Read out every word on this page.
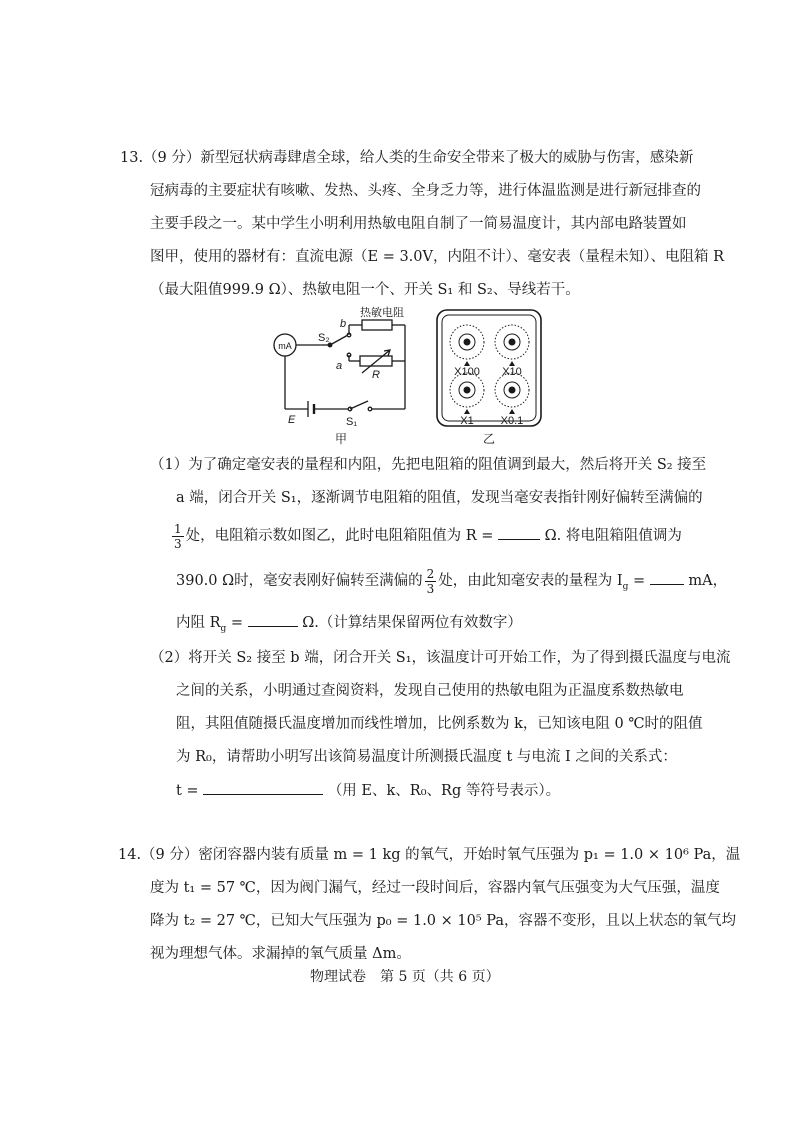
13.（9 分）新型冠状病毒肆虐全球，给人类的生命安全带来了极大的威胁与伤害，感染新
冠病毒的主要症状有咳嗽、发热、头疼、全身乏力等，进行体温监测是进行新冠排查的
主要手段之一。某中学生小明利用热敏电阻自制了一简易温度计，其内部电路装置如
图甲，使用的器材有：直流电源（E = 3.0V，内阻不计）、毫安表（量程未知）、电阻箱 R
（最大阻值999.9 Ω）、热敏电阻一个、开关 S₁ 和 S₂、导线若干。
mA
S₂
b
a
热敏电阻
R
E	S₁
甲
X100 X10
X1 X0.1
乙
（1）为了确定毫安表的量程和内阻，先把电阻箱的阻值调到最大，然后将开关 S₂ 接至
a 端，闭合开关 S₁，逐渐调节电阻箱的阻值，发现当毫安表指针刚好偏转至满偏的
$\frac{1}{3}$ 处，电阻箱示数如图乙，此时电阻箱阻值为 R =	Ω. 将电阻箱阻值调为
390.0 Ω时，毫安表刚好偏转至满偏的 $\frac{2}{3}$ 处，由此知毫安表的量程为 $I_g$ =	mA，
内阻 $R_g$ =	Ω.（计算结果保留两位有效数字）
（2）将开关 S₂ 接至 b 端，闭合开关 S₁，该温度计可开始工作，为了得到摄氏温度与电流
之间的关系，小明通过查阅资料，发现自己使用的热敏电阻为正温度系数热敏电
阻，其阻值随摄氏温度增加而线性增加，比例系数为 k，已知该电阻 0 ℃时的阻值
为 R₀，请帮助小明写出该简易温度计所测摄氏温度 t 与电流 I 之间的关系式：
t =	（用 E、k、R₀、Rg 等符号表示）。
14.（9 分）密闭容器内装有质量 m = 1 kg 的氧气，开始时氧气压强为 p₁ = 1.0 × 10⁶ Pa，温
度为 t₁ = 57 ℃，因为阀门漏气，经过一段时间后，容器内氧气压强变为大气压强，温度
降为 t₂ = 27 ℃，已知大气压强为 p₀ = 1.0 × 10⁵ Pa，容器不变形，且以上状态的氧气均
视为理想气体。求漏掉的氧气质量 Δm。
物理试卷　第 5 页（共 6 页）
